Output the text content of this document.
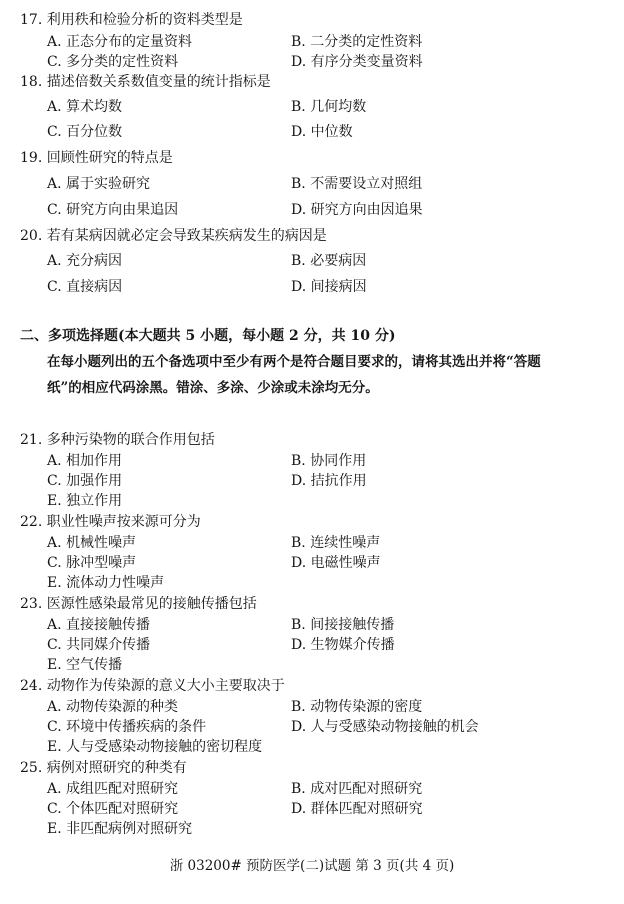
17. 利用秩和检验分析的资料类型是
A. 正态分布的定量资料	B. 二分类的定性资料
C. 多分类的定性资料	D. 有序分类变量资料
18. 描述倍数关系数值变量的统计指标是
A. 算术均数	B. 几何均数
C. 百分位数	D. 中位数
19. 回顾性研究的特点是
A. 属于实验研究	B. 不需要设立对照组
C. 研究方向由果追因	D. 研究方向由因追果
20. 若有某病因就必定会导致某疾病发生的病因是
A. 充分病因	B. 必要病因
C. 直接病因	D. 间接病因
二、多项选择题(本大题共 5 小题，每小题 2 分，共 10 分)
在每小题列出的五个备选项中至少有两个是符合题目要求的，请将其选出并将“答题
纸”的相应代码涂黑。错涂、多涂、少涂或未涂均无分。
21. 多种污染物的联合作用包括
A. 相加作用	B. 协同作用
C. 加强作用	D. 拮抗作用
E. 独立作用
22. 职业性噪声按来源可分为
A. 机械性噪声	B. 连续性噪声
C. 脉冲型噪声	D. 电磁性噪声
E. 流体动力性噪声
23. 医源性感染最常见的接触传播包括
A. 直接接触传播	B. 间接接触传播
C. 共同媒介传播	D. 生物媒介传播
E. 空气传播
24. 动物作为传染源的意义大小主要取决于
A. 动物传染源的种类	B. 动物传染源的密度
C. 环境中传播疾病的条件	D. 人与受感染动物接触的机会
E. 人与受感染动物接触的密切程度
25. 病例对照研究的种类有
A. 成组匹配对照研究	B. 成对匹配对照研究
C. 个体匹配对照研究	D. 群体匹配对照研究
E. 非匹配病例对照研究
浙 03200# 预防医学(二)试题 第 3 页(共 4 页)
